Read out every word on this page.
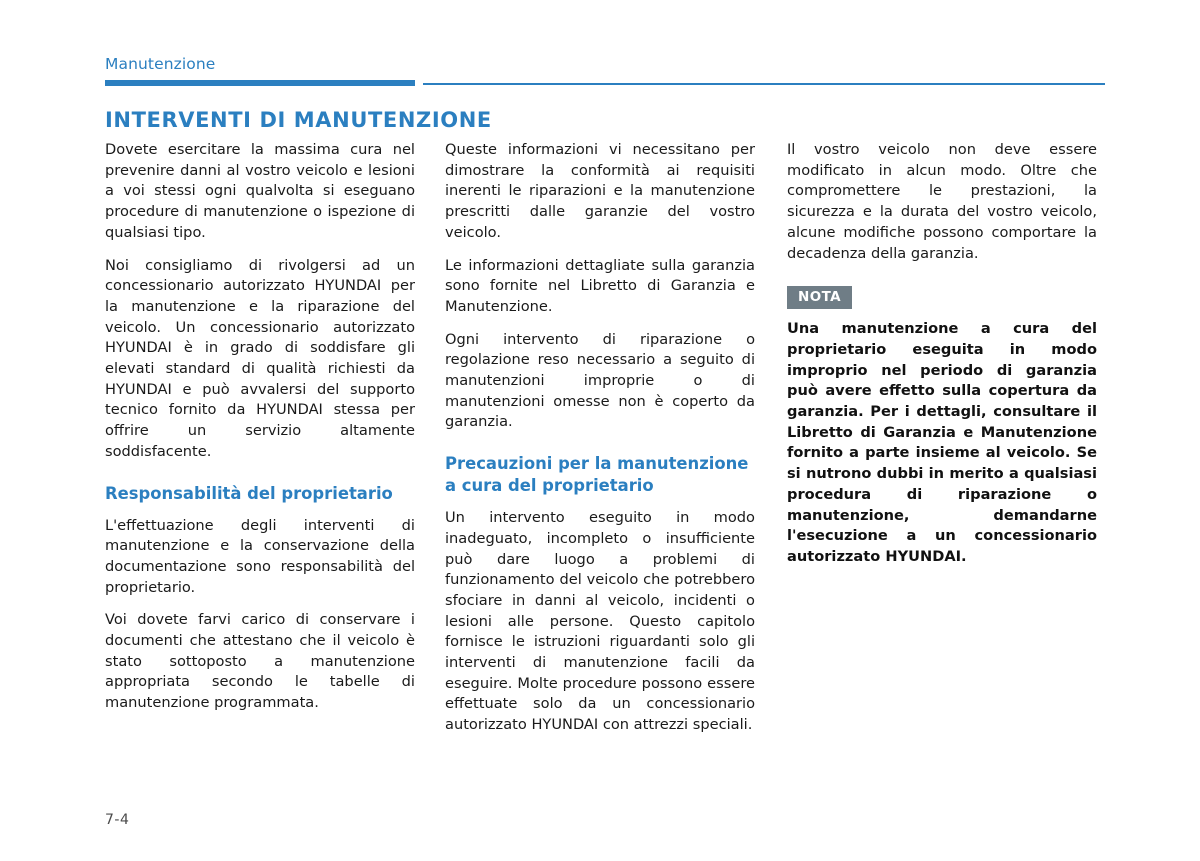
Manutenzione
INTERVENTI DI MANUTENZIONE

Dovete esercitare la massima cura nel prevenire danni al vostro veicolo e lesioni a voi stessi ogni qualvolta si eseguano procedure di manutenzione o ispezione di qualsiasi tipo.

Noi consigliamo di rivolgersi ad un concessionario autorizzato HYUNDAI per la manutenzione e la riparazione del veicolo. Un concessionario autorizzato HYUNDAI è in grado di soddisfare gli elevati standard di qualità richiesti da HYUNDAI e può avvalersi del supporto tecnico fornito da HYUNDAI stessa per offrire un servizio altamente soddisfacente.

Responsabilità del proprietario

L'effettuazione degli interventi di manutenzione e la conservazione della documentazione sono responsabilità del proprietario.

Voi dovete farvi carico di conservare i documenti che attestano che il veicolo è stato sottoposto a manutenzione appropriata secondo le tabelle di manutenzione programmata.

Queste informazioni vi necessitano per dimostrare la conformità ai requisiti inerenti le riparazioni e la manutenzione prescritti dalle garanzie del vostro veicolo.

Le informazioni dettagliate sulla garanzia sono fornite nel Libretto di Garanzia e Manutenzione.

Ogni intervento di riparazione o regolazione reso necessario a seguito di manutenzioni improprie o di manutenzioni omesse non è coperto da garanzia.

Precauzioni per la manutenzione a cura del proprietario

Un intervento eseguito in modo inadeguato, incompleto o insufficiente può dare luogo a problemi di funzionamento del veicolo che potrebbero sfociare in danni al veicolo, incidenti o lesioni alle persone. Questo capitolo fornisce le istruzioni riguardanti solo gli interventi di manutenzione facili da eseguire. Molte procedure possono essere effettuate solo da un concessionario autorizzato HYUNDAI con attrezzi speciali.

Il vostro veicolo non deve essere modificato in alcun modo. Oltre che compromettere le prestazioni, la sicurezza e la durata del vostro veicolo, alcune modifiche possono comportare la decadenza della garanzia.

NOTA

Una manutenzione a cura del proprietario eseguita in modo improprio nel periodo di garanzia può avere effetto sulla copertura da garanzia. Per i dettagli, consultare il Libretto di Garanzia e Manutenzione fornito a parte insieme al veicolo. Se si nutrono dubbi in merito a qualsiasi procedura di riparazione o manutenzione, demandarne l'esecuzione a un concessionario autorizzato HYUNDAI.

7-4
